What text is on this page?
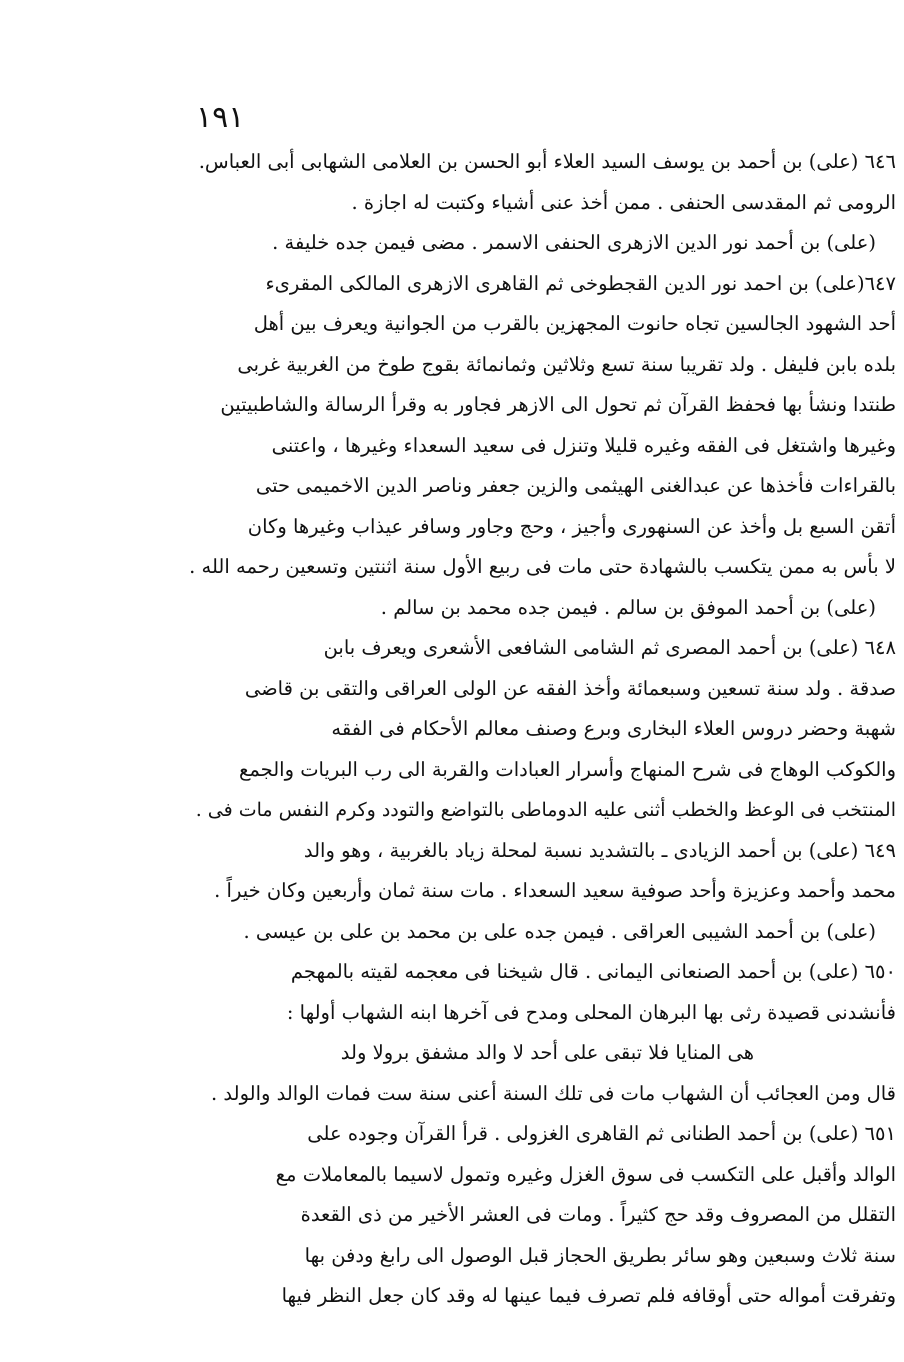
١٩١
٦٤٦ (على) بن أحمد بن يوسف السيد العلاء أبو الحسن بن العلامى الشهابى أبى العباس.
الرومى ثم المقدسى الحنفى . ممن أخذ عنى أشياء وكتبت له اجازة .
(على) بن أحمد نور الدين الازهرى الحنفى الاسمر . مضى فيمن جده خليفة .
٦٤٧(على) بن احمد نور الدين القجطوخى ثم القاهرى الازهرى المالكى المقرىء
أحد الشهود الجالسين تجاه حانوت المجهزين بالقرب من الجوانية ويعرف بين أهل
بلده بابن فليفل . ولد تقريبا سنة تسع وثلاثين وثمانمائة بقوج طوخ من الغربية غربى
طنتدا ونشأ بها فحفظ القرآن ثم تحول الى الازهر فجاور به وقرأ الرسالة والشاطبيتين
وغيرها واشتغل فى الفقه وغيره قليلا وتنزل فى سعيد السعداء وغيرها ، واعتنى
بالقراءات فأخذها عن عبدالغنى الهيثمى والزين جعفر وناصر الدين الاخميمى حتى
أتقن السبع بل وأخذ عن السنهورى وأجيز ، وحج وجاور وسافر عيذاب وغيرها وكان
لا بأس به ممن يتكسب بالشهادة حتى مات فى ربيع الأول سنة اثنتين وتسعين رحمه الله .
(على) بن أحمد الموفق بن سالم . فيمن جده محمد بن سالم .
٦٤٨ (على) بن أحمد المصرى ثم الشامى الشافعى الأشعرى ويعرف بابن
صدقة . ولد سنة تسعين وسبعمائة وأخذ الفقه عن الولى العراقى والتقى بن قاضى
شهبة وحضر دروس العلاء البخارى وبرع وصنف معالم الأحكام فى الفقه
والكوكب الوهاج فى شرح المنهاج وأسرار العبادات والقربة الى رب البريات والجمع
المنتخب فى الوعظ والخطب أثنى عليه الدوماطى بالتواضع والتودد وكرم النفس مات فى .
٦٤٩ (على) بن أحمد الزيادى ـ بالتشديد نسبة لمحلة زياد بالغربية ، وهو والد
محمد وأحمد وعزيزة وأحد صوفية سعيد السعداء . مات سنة ثمان وأربعين وكان خيراً .
(على) بن أحمد الشيبى العراقى . فيمن جده على بن محمد بن على بن عيسى .
٦٥٠ (على) بن أحمد الصنعانى اليمانى . قال شيخنا فى معجمه لقيته بالمهجم
فأنشدنى قصيدة رثى بها البرهان المحلى ومدح فى آخرها ابنه الشهاب أولها :
هى المنايا فلا تبقى على أحد لا والد مشفق برولا ولد
قال ومن العجائب أن الشهاب مات فى تلك السنة أعنى سنة ست فمات الوالد والولد .
٦٥١ (على) بن أحمد الطنانى ثم القاهرى الغزولى . قرأ القرآن وجوده على
الوالد وأقبل على التكسب فى سوق الغزل وغيره وتمول لاسيما بالمعاملات مع
التقلل من المصروف وقد حج كثيراً . ومات فى العشر الأخير من ذى القعدة
سنة ثلاث وسبعين وهو سائر بطريق الحجاز قبل الوصول الى رابغ ودفن بها
وتفرقت أمواله حتى أوقافه فلم تصرف فيما عينها له وقد كان جعل النظر فيها
